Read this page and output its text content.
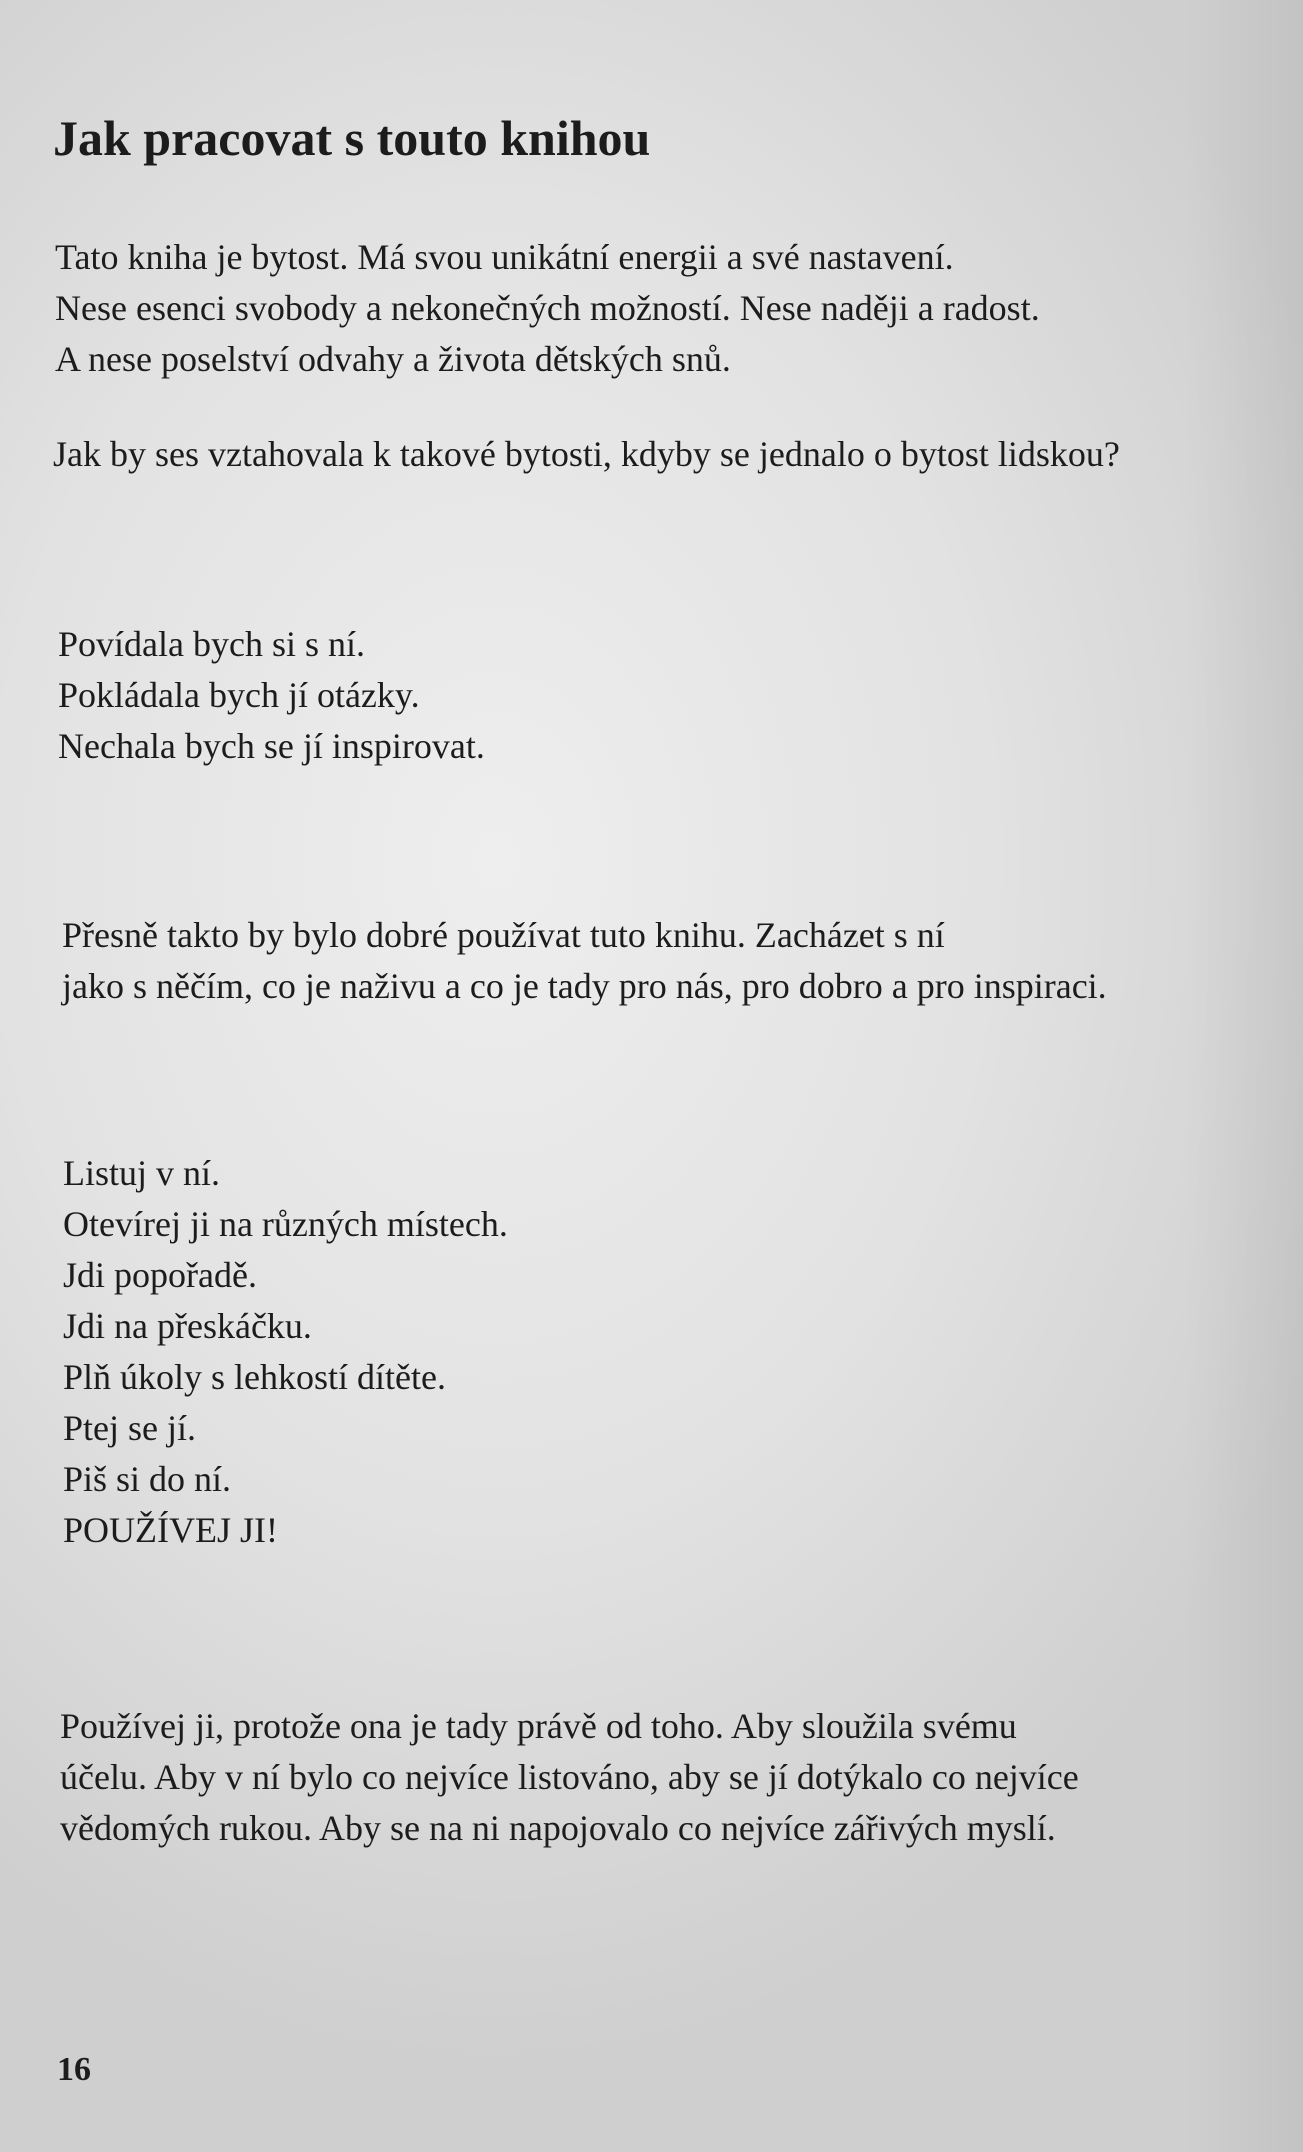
Jak pracovat s touto knihou

Tato kniha je bytost. Má svou unikátní energii a své nastavení.
Nese esenci svobody a nekonečných možností. Nese naději a radost.
A nese poselství odvahy a života dětských snů.

Jak by ses vztahovala k takové bytosti, kdyby se jednalo o bytost lidskou?

Povídala bych si s ní.
Pokládala bych jí otázky.
Nechala bych se jí inspirovat.

Přesně takto by bylo dobré používat tuto knihu. Zacházet s ní
jako s něčím, co je naživu a co je tady pro nás, pro dobro a pro inspiraci.

Listuj v ní.
Otevírej ji na různých místech.
Jdi popořadě.
Jdi na přeskáčku.
Plň úkoly s lehkostí dítěte.
Ptej se jí.
Piš si do ní.
POUŽÍVEJ JI!

Používej ji, protože ona je tady právě od toho. Aby sloužila svému
účelu. Aby v ní bylo co nejvíce listováno, aby se jí dotýkalo co nejvíce
vědomých rukou. Aby se na ni napojovalo co nejvíce zářivých myslí.

16
